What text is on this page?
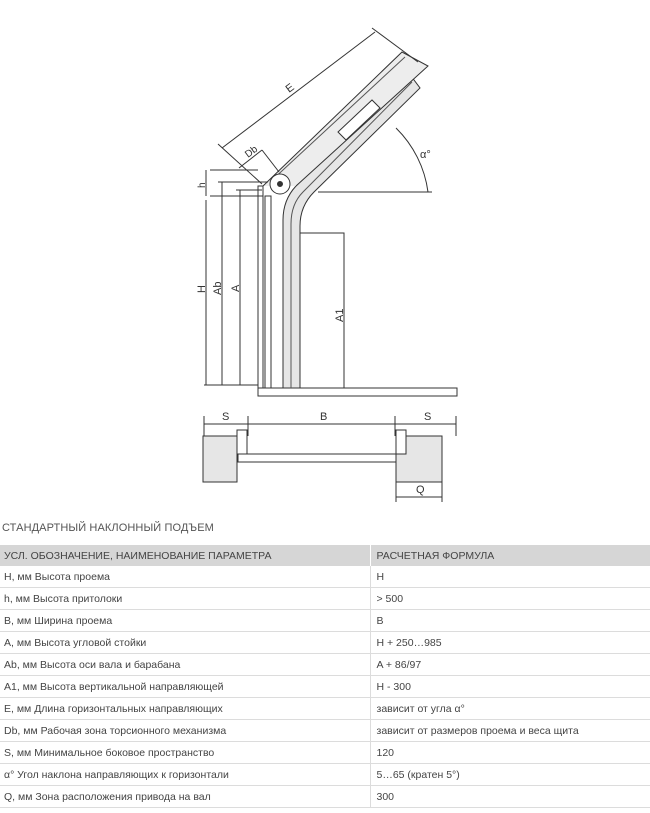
E
Db	α°
h
H Ab A
A1
S	B	S
Q
СТАНДАРТНЫЙ НАКЛОННЫЙ ПОДЪЕМ
УСЛ. ОБОЗНАЧЕНИЕ, НАИМЕНОВАНИЕ ПАРАМЕТРА	РАСЧЕТНАЯ ФОРМУЛА
H, мм Высота проема	H
h, мм Высота притолоки	> 500
B, мм Ширина проема	B
A, мм Высота угловой стойки	H + 250…985
Ab, мм Высота оси вала и барабана	A + 86/97
A1, мм Высота вертикальной направляющей	H - 300
E, мм Длина горизонтальных направляющих	зависит от угла α°
Db, мм Рабочая зона торсионного механизма	зависит от размеров проема и веса щита
S, мм Минимальное боковое пространство	120
α° Угол наклона направляющих к горизонтали	5…65 (кратен 5°)
Q, мм Зона расположения привода на вал	300
